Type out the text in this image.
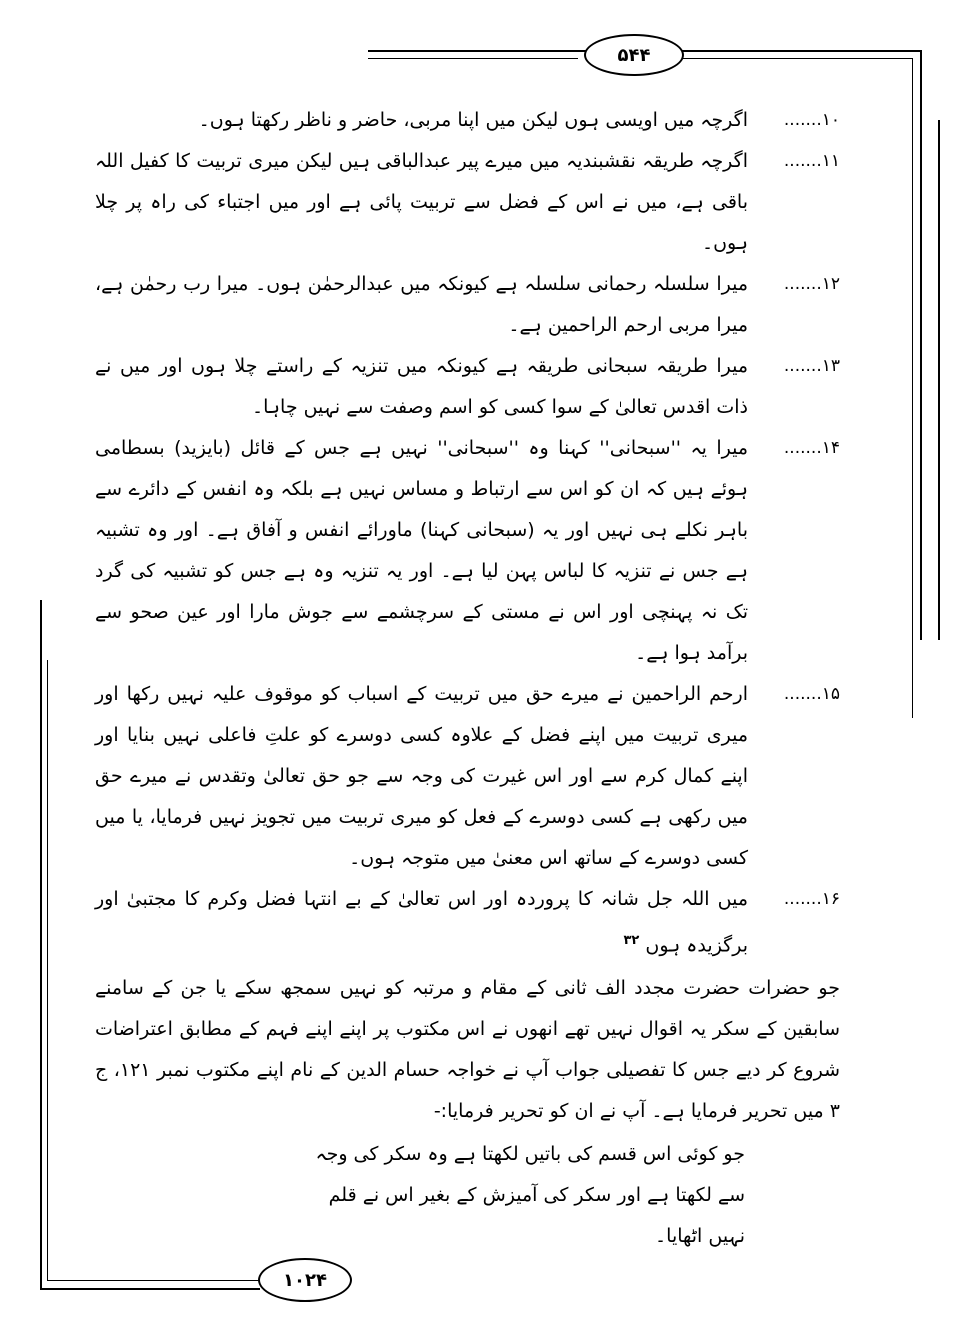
۵۴۴
۱۰.......
اگرچہ میں اویسی ہوں لیکن میں اپنا مربی، حاضر و ناظر رکھتا ہوں۔
۱۱.......
اگرچہ طریقہ نقشبندیہ میں میرے پیر عبدالباقی ہیں لیکن میری تربیت کا کفیل اللہ باقی ہے، میں نے اس کے فضل سے تربیت پائی ہے اور میں اجتباء کی راہ پر چلا ہوں۔
۱۲.......
میرا سلسلہ رحمانی سلسلہ ہے کیونکہ میں عبدالرحمٰن ہوں۔ میرا رب رحمٰن ہے، میرا مربی ارحم الراحمین ہے۔
۱۳.......
میرا طریقہ سبحانی طریقہ ہے کیونکہ میں تنزیہ کے راستے چلا ہوں اور میں نے ذات اقدس تعالیٰ کے سوا کسی کو اسم وصفت سے نہیں چاہا۔
۱۴.......
میرا یہ ''سبحانی'' کہنا وہ ''سبحانی'' نہیں ہے جس کے قائل (بایزید) بسطامی ہوئے ہیں کہ ان کو اس سے ارتباط و مساس نہیں ہے بلکہ وہ انفس کے دائرے سے باہر نکلے ہی نہیں اور یہ (سبحانی کہنا) ماورائے انفس و آفاق ہے۔ اور وہ تشبیہ ہے جس نے تنزیہ کا لباس پہن لیا ہے۔ اور یہ تنزیہ وہ ہے جس کو تشبیہ کی گرد تک نہ پہنچی اور اس نے مستی کے سرچشمے سے جوش مارا اور عین صحو سے برآمد ہوا ہے۔
۱۵.......
ارحم الراحمین نے میرے حق میں تربیت کے اسباب کو موقوف علیہ نہیں رکھا اور میری تربیت میں اپنے فضل کے علاوہ کسی دوسرے کو علتِ فاعلی نہیں بنایا اور اپنے کمال کرم سے اور اس غیرت کی وجہ سے جو حق تعالیٰ وتقدس نے میرے حق میں رکھی ہے کسی دوسرے کے فعل کو میری تربیت میں تجویز نہیں فرمایا، یا میں کسی دوسرے کے ساتھ اس معنیٰ میں متوجہ ہوں۔
۱۶.......
میں اللہ جل شانہ کا پروردہ اور اس تعالیٰ کے بے انتہا فضل وکرم کا مجتبیٰ اور برگزیدہ ہوں $^{۳۲}$
جو حضرات حضرت مجدد الف ثانی کے مقام و مرتبہ کو نہیں سمجھ سکے یا جن کے سامنے سابقین کے سکر یہ اقوال نہیں تھے انھوں نے اس مکتوب پر اپنے اپنے فہم کے مطابق اعتراضات شروع کر دیے جس کا تفصیلی جواب آپ نے خواجہ حسام الدین کے نام اپنے مکتوب نمبر ۱۲۱، ج ۳ میں تحریر فرمایا ہے۔ آپ نے ان کو تحریر فرمایا:-
جو کوئی اس قسم کی باتیں لکھتا ہے وہ سکر کی وجہ سے لکھتا ہے اور سکر کی آمیزش کے بغیر اس نے قلم نہیں اٹھایا۔
۱۰۲۴
